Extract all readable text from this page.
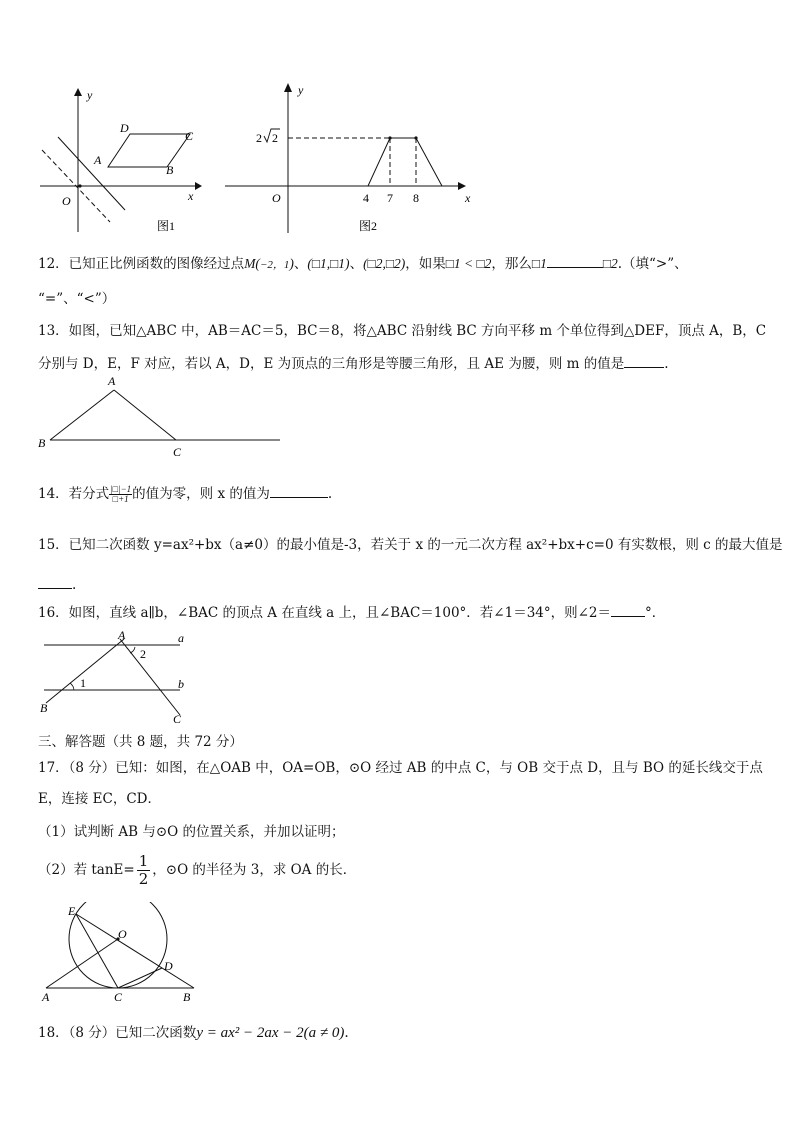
y
x
O
A
D
C
B
图1
y
x
O
2 2
4 7 8
图2
12．已知正比例函数的图像经过点M(−2，1)、(□1,□1)、(□2,□2)，如果□1 < □2，那么□1	□2.（填“>”、
“=”、“<”）
13．如图，已知△ABC 中，AB＝AC＝5，BC＝8，将△ABC 沿射线 BC 方向平移 m 个单位得到△DEF，顶点 A，B，C
分别与 D，E，F 对应，若以 A，D，E 为顶点的三角形是等腰三角形，且 AE 为腰，则 m 的值是	.
A
B
C
14．若分式 $\frac{|□|-1}{□+1}$ 的值为零，则 x 的值为	.
15．已知二次函数 y=ax²+bx（a≠0）的最小值是-3，若关于 x 的一元二次方程 ax²+bx+c=0 有实数根，则 c 的最大值是
.
16．如图，直线 a∥b，∠BAC 的顶点 A 在直线 a 上，且∠BAC＝100°．若∠1＝34°，则∠2＝	°．
A	a
b
2
1
B
C
三、解答题（共 8 题，共 72 分）
17．（8 分）已知：如图，在△OAB 中，OA=OB，⊙O 经过 AB 的中点 C，与 OB 交于点 D，且与 BO 的延长线交于点
E，连接 EC，CD．
（1）试判断 AB 与⊙O 的位置关系，并加以证明；
（2）若 $\tan E= \frac{1}{2}$ ，⊙O 的半径为 3，求 OA 的长．
E
O
D
A	C	B
18．（8 分）已知二次函数y = ax² − 2ax − 2(a ≠ 0).
